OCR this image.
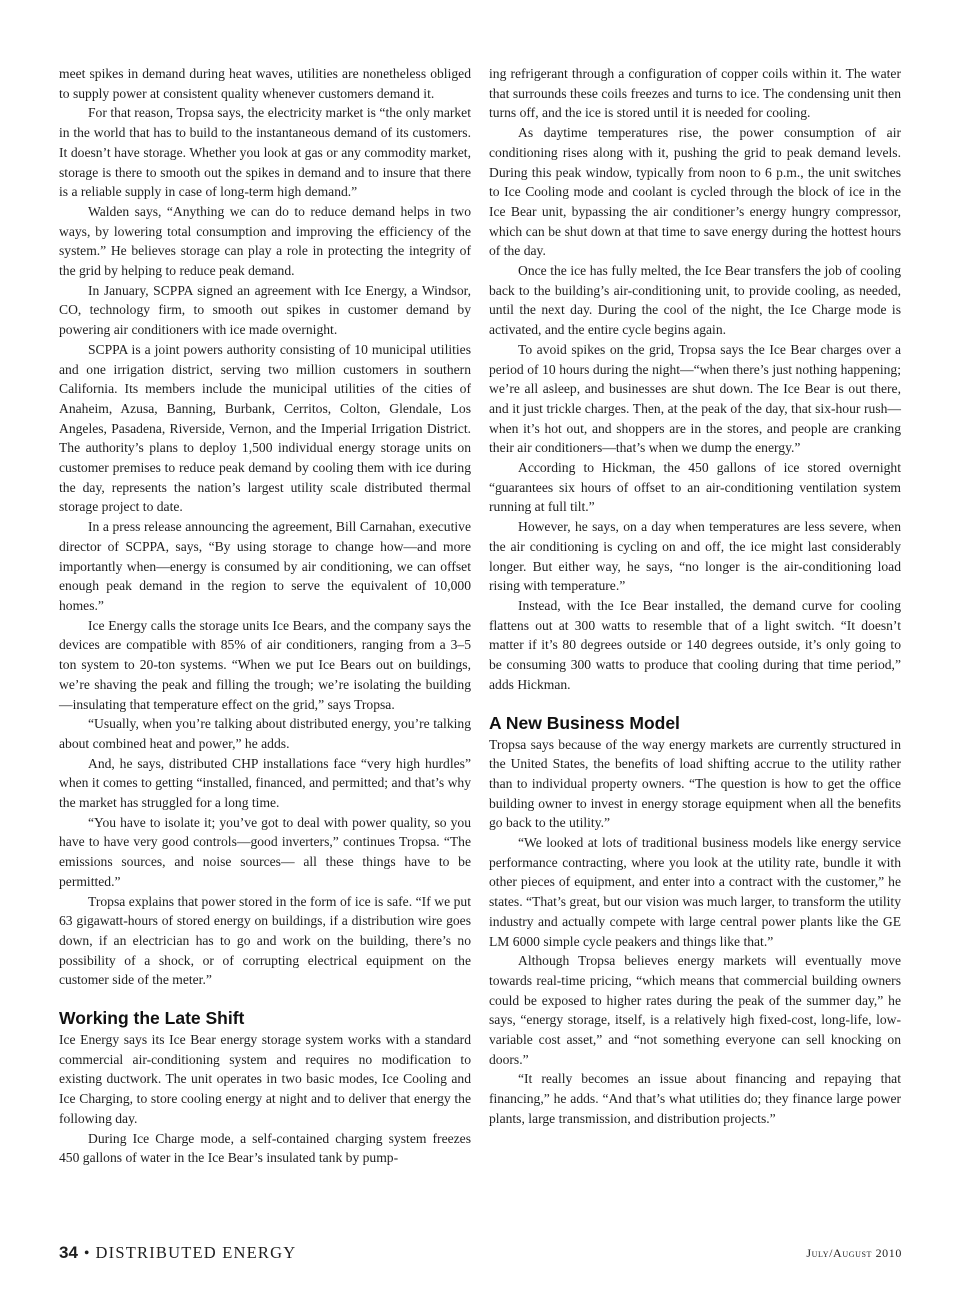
meet spikes in demand during heat waves, utilities are nonetheless obliged to supply power at consistent quality whenever customers demand it.

For that reason, Tropsa says, the electricity market is “the only market in the world that has to build to the instantaneous demand of its customers. It doesn’t have storage. Whether you look at gas or any commodity market, storage is there to smooth out the spikes in demand and to insure that there is a reliable supply in case of long-term high demand.”

Walden says, “Anything we can do to reduce demand helps in two ways, by lowering total consumption and improving the efficiency of the system.” He believes storage can play a role in protecting the integrity of the grid by helping to reduce peak demand.

In January, SCPPA signed an agreement with Ice Energy, a Windsor, CO, technology firm, to smooth out spikes in customer demand by powering air conditioners with ice made overnight.

SCPPA is a joint powers authority consisting of 10 municipal utilities and one irrigation district, serving two million customers in southern California. Its members include the municipal utilities of the cities of Anaheim, Azusa, Banning, Burbank, Cerritos, Colton, Glendale, Los Angeles, Pasadena, Riverside, Vernon, and the Imperial Irrigation District. The authority’s plans to deploy 1,500 individual energy storage units on customer premises to reduce peak demand by cooling them with ice during the day, represents the nation’s largest utility scale distributed thermal storage project to date.

In a press release announcing the agreement, Bill Carnahan, executive director of SCPPA, says, “By using storage to change how—and more importantly when—energy is consumed by air conditioning, we can offset enough peak demand in the region to serve the equivalent of 10,000 homes.”

Ice Energy calls the storage units Ice Bears, and the company says the devices are compatible with 85% of air conditioners, ranging from a 3–5 ton system to 20-ton systems. “When we put Ice Bears out on buildings, we’re shaving the peak and filling the trough; we’re isolating the building—insulating that temperature effect on the grid,” says Tropsa.

“Usually, when you’re talking about distributed energy, you’re talking about combined heat and power,” he adds.

And, he says, distributed CHP installations face “very high hurdles” when it comes to getting “installed, financed, and permitted; and that’s why the market has struggled for a long time.

“You have to isolate it; you’ve got to deal with power quality, so you have to have very good controls—good inverters,” continues Tropsa. “The emissions sources, and noise sources— all these things have to be permitted.”

Tropsa explains that power stored in the form of ice is safe. “If we put 63 gigawatt-hours of stored energy on buildings, if a distribution wire goes down, if an electrician has to go and work on the building, there’s no possibility of a shock, or of corrupting electrical equipment on the customer side of the meter.”

Working the Late Shift

Ice Energy says its Ice Bear energy storage system works with a standard commercial air-conditioning system and requires no modification to existing ductwork. The unit operates in two basic modes, Ice Cooling and Ice Charging, to store cooling energy at night and to deliver that energy the following day.

During Ice Charge mode, a self-contained charging system freezes 450 gallons of water in the Ice Bear’s insulated tank by pump-

ing refrigerant through a configuration of copper coils within it. The water that surrounds these coils freezes and turns to ice. The condensing unit then turns off, and the ice is stored until it is needed for cooling.

As daytime temperatures rise, the power consumption of air conditioning rises along with it, pushing the grid to peak demand levels. During this peak window, typically from noon to 6 p.m., the unit switches to Ice Cooling mode and coolant is cycled through the block of ice in the Ice Bear unit, bypassing the air conditioner’s energy hungry compressor, which can be shut down at that time to save energy during the hottest hours of the day.

Once the ice has fully melted, the Ice Bear transfers the job of cooling back to the building’s air-conditioning unit, to provide cooling, as needed, until the next day. During the cool of the night, the Ice Charge mode is activated, and the entire cycle begins again.

To avoid spikes on the grid, Tropsa says the Ice Bear charges over a period of 10 hours during the night—“when there’s just nothing happening; we’re all asleep, and businesses are shut down. The Ice Bear is out there, and it just trickle charges. Then, at the peak of the day, that six-hour rush—when it’s hot out, and shoppers are in the stores, and people are cranking their air conditioners—that’s when we dump the energy.”

According to Hickman, the 450 gallons of ice stored overnight “guarantees six hours of offset to an air-conditioning ventilation system running at full tilt.”

However, he says, on a day when temperatures are less severe, when the air conditioning is cycling on and off, the ice might last considerably longer. But either way, he says, “no longer is the air-conditioning load rising with temperature.”

Instead, with the Ice Bear installed, the demand curve for cooling flattens out at 300 watts to resemble that of a light switch. “It doesn’t matter if it’s 80 degrees outside or 140 degrees outside, it’s only going to be consuming 300 watts to produce that cooling during that time period,” adds Hickman.

A New Business Model

Tropsa says because of the way energy markets are currently structured in the United States, the benefits of load shifting accrue to the utility rather than to individual property owners. “The question is how to get the office building owner to invest in energy storage equipment when all the benefits go back to the utility.”

“We looked at lots of traditional business models like energy service performance contracting, where you look at the utility rate, bundle it with other pieces of equipment, and enter into a contract with the customer,” he states. “That’s great, but our vision was much larger, to transform the utility industry and actually compete with large central power plants like the GE LM 6000 simple cycle peakers and things like that.”

Although Tropsa believes energy markets will eventually move towards real-time pricing, “which means that commercial building owners could be exposed to higher rates during the peak of the summer day,” he says, “energy storage, itself, is a relatively high fixed-cost, long-life, low-variable cost asset,” and “not something everyone can sell knocking on doors.”

“It really becomes an issue about financing and repaying that financing,” he adds. “And that’s what utilities do; they finance large power plants, large transmission, and distribution projects.”

34 • DISTRIBUTED ENERGY	July/August 2010
